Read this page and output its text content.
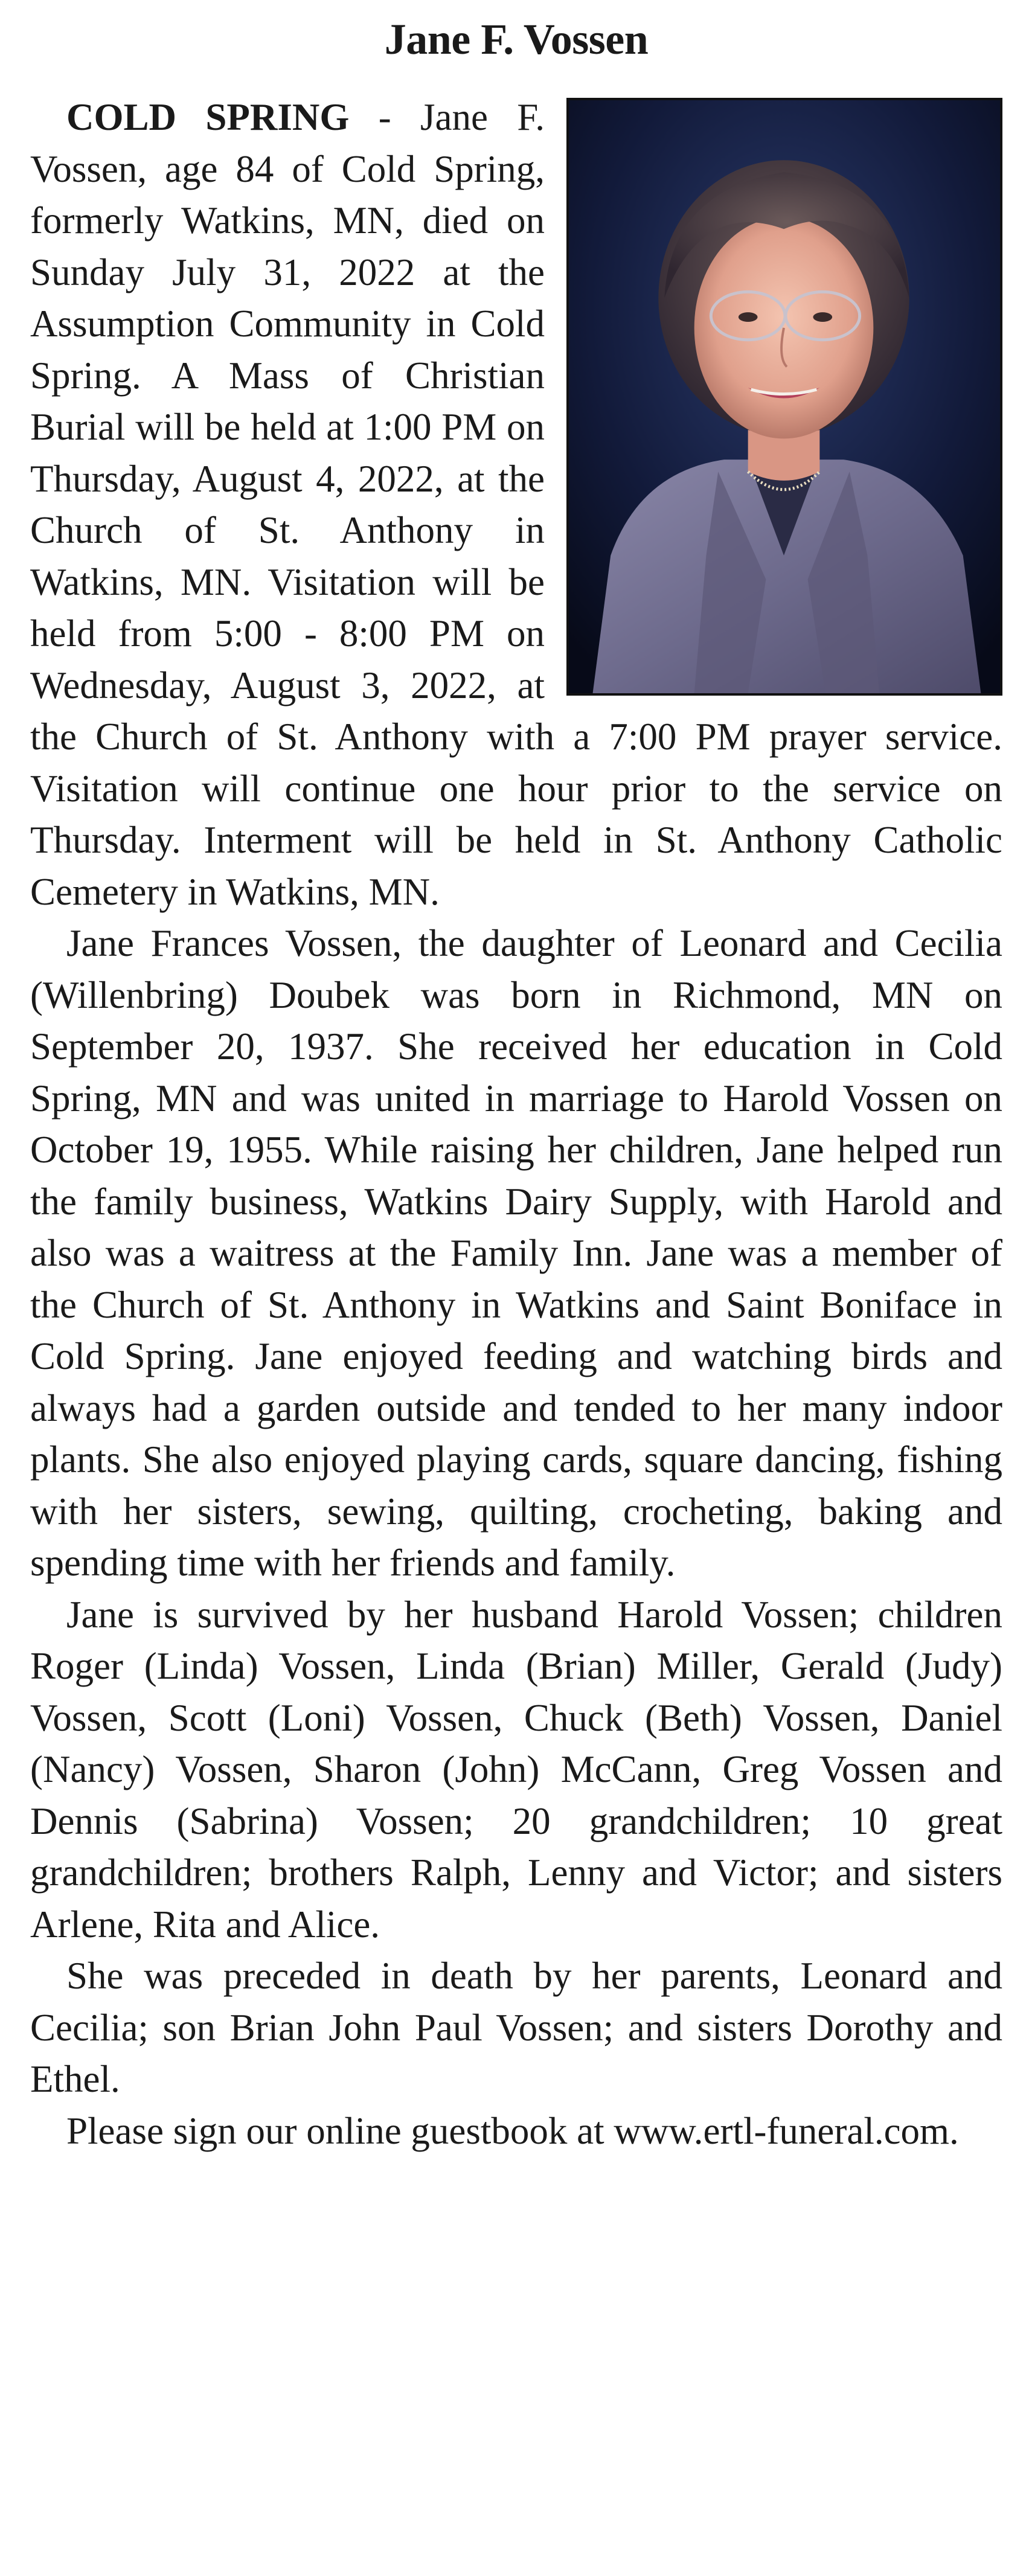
Jane F. Vossen

COLD SPRING - Jane F. Vossen, age 84 of Cold Spring, formerly Watkins, MN, died on Sunday July 31, 2022 at the Assumption Community in Cold Spring. A Mass of Christian Burial will be held at 1:00 PM on Thursday, August 4, 2022, at the Church of St. Anthony in Watkins, MN. Visitation will be held from 5:00 - 8:00 PM on Wednesday, August 3, 2022, at the Church of St. Anthony with a 7:00 PM prayer service. Visitation will continue one hour prior to the service on Thursday. Interment will be held in St. Anthony Catholic Cemetery in Watkins, MN.

Jane Frances Vossen, the daughter of Leonard and Cecilia (Willenbring) Doubek was born in Richmond, MN on September 20, 1937. She received her education in Cold Spring, MN and was united in marriage to Harold Vossen on October 19, 1955. While raising her children, Jane helped run the family business, Watkins Dairy Supply, with Harold and also was a waitress at the Family Inn. Jane was a member of the Church of St. Anthony in Watkins and Saint Boniface in Cold Spring. Jane enjoyed feeding and watching birds and always had a garden outside and tended to her many indoor plants. She also enjoyed playing cards, square dancing, fishing with her sisters, sewing, quilting, crocheting, baking and spending time with her friends and family.

Jane is survived by her husband Harold Vossen; children Roger (Linda) Vossen, Linda (Brian) Miller, Gerald (Judy) Vossen, Scott (Loni) Vossen, Chuck (Beth) Vossen, Daniel (Nancy) Vossen, Sharon (John) McCann, Greg Vossen and Dennis (Sabrina) Vossen; 20 grandchildren; 10 great grandchildren; brothers Ralph, Lenny and Victor; and sisters Arlene, Rita and Alice.

She was preceded in death by her parents, Leonard and Cecilia; son Brian John Paul Vossen; and sisters Dorothy and Ethel.

Please sign our online guestbook at www.ertl-funeral.com.
